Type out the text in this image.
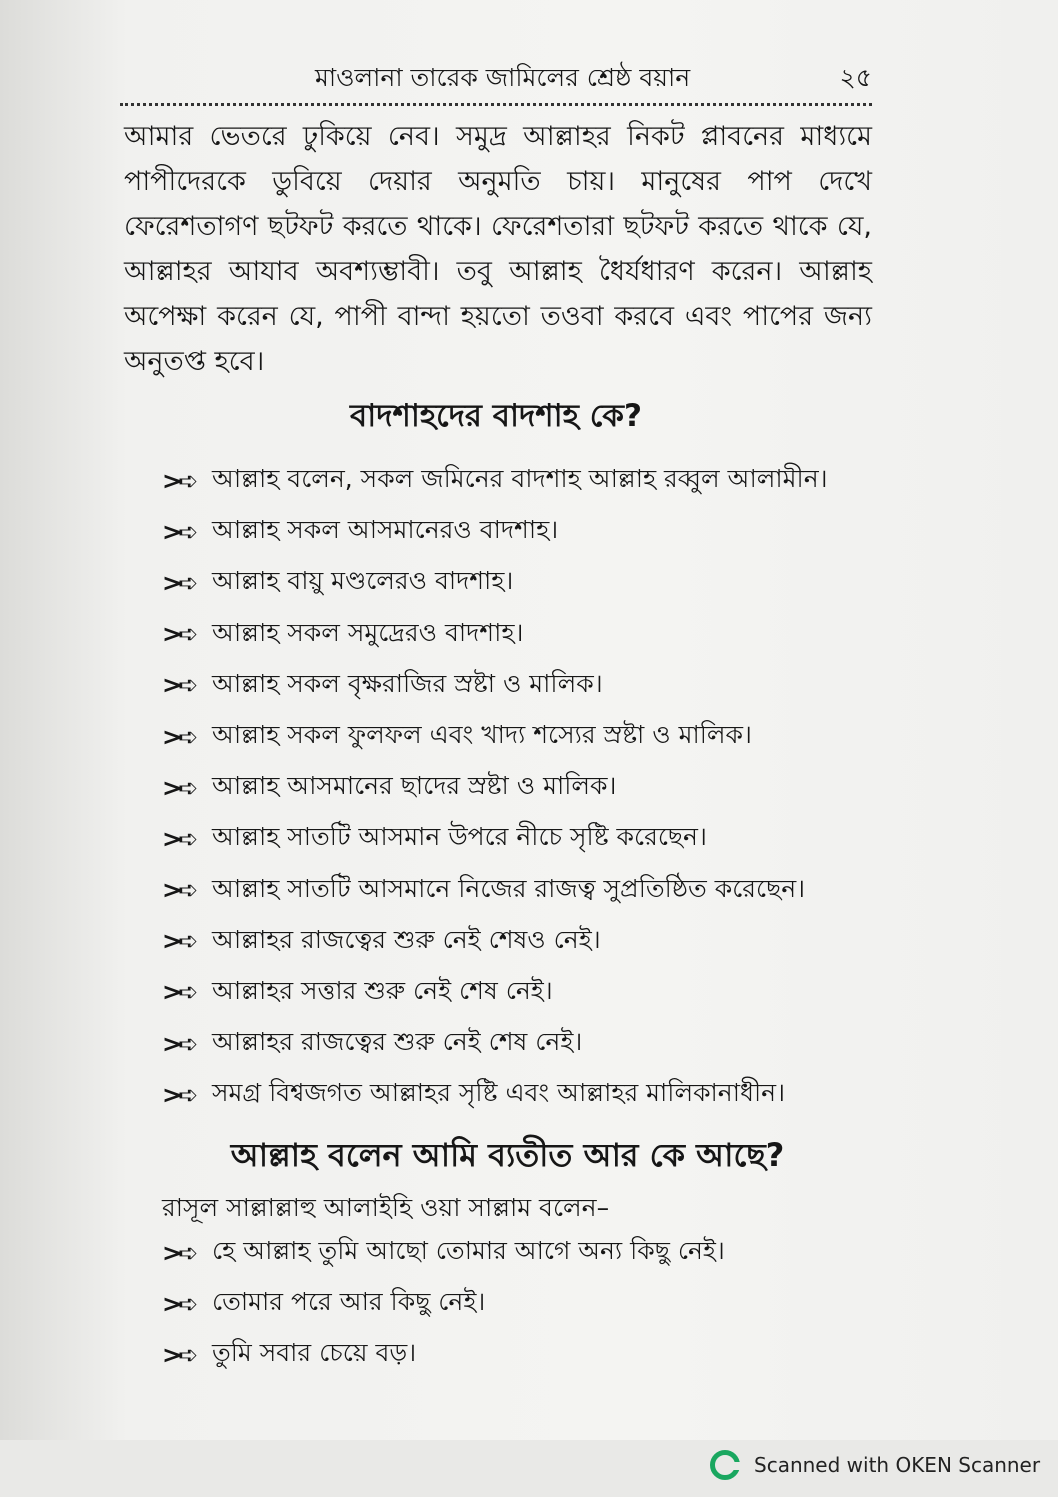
মাওলানা তারেক জামিলের শ্রেষ্ঠ বয়ান	২৫

আমার ভেতরে ঢুকিয়ে নেব। সমুদ্র আল্লাহর নিকট প্লাবনের মাধ্যমে পাপীদেরকে ডুবিয়ে দেয়ার অনুমতি চায়। মানুষের পাপ দেখে ফেরেশতাগণ ছটফট করতে থাকে। ফেরেশতারা ছটফট করতে থাকে যে, আল্লাহর আযাব অবশ্যম্ভাবী। তবু আল্লাহ ধৈর্যধারণ করেন। আল্লাহ অপেক্ষা করেন যে, পাপী বান্দা হয়তো তওবা করবে এবং পাপের জন্য অনুতপ্ত হবে।

বাদশাহদের বাদশাহ কে?
>➪ আল্লাহ বলেন, সকল জমিনের বাদশাহ আল্লাহ রব্বুল আলামীন।
>➪ আল্লাহ সকল আসমানেরও বাদশাহ।
>➪ আল্লাহ বায়ু মণ্ডলেরও বাদশাহ।
>➪ আল্লাহ সকল সমুদ্রেরও বাদশাহ।
>➪ আল্লাহ সকল বৃক্ষরাজির স্রষ্টা ও মালিক।
>➪ আল্লাহ সকল ফুলফল এবং খাদ্য শস্যের স্রষ্টা ও মালিক।
>➪ আল্লাহ আসমানের ছাদের স্রষ্টা ও মালিক।
>➪ আল্লাহ সাতটি আসমান উপরে নীচে সৃষ্টি করেছেন।
>➪ আল্লাহ সাতটি আসমানে নিজের রাজত্ব সুপ্রতিষ্ঠিত করেছেন।
>➪ আল্লাহর রাজত্বের শুরু নেই শেষও নেই।
>➪ আল্লাহর সত্তার শুরু নেই শেষ নেই।
>➪ আল্লাহর রাজত্বের শুরু নেই শেষ নেই।
>➪ সমগ্র বিশ্বজগত আল্লাহর সৃষ্টি এবং আল্লাহর মালিকানাধীন।
আল্লাহ বলেন আমি ব্যতীত আর কে আছে?
রাসূল সাল্লাল্লাহু আলাইহি ওয়া সাল্লাম বলেন–
>➪ হে আল্লাহ তুমি আছো তোমার আগে অন্য কিছু নেই।
>➪ তোমার পরে আর কিছু নেই।
>➪ তুমি সবার চেয়ে বড়।
Scanned with OKEN Scanner
